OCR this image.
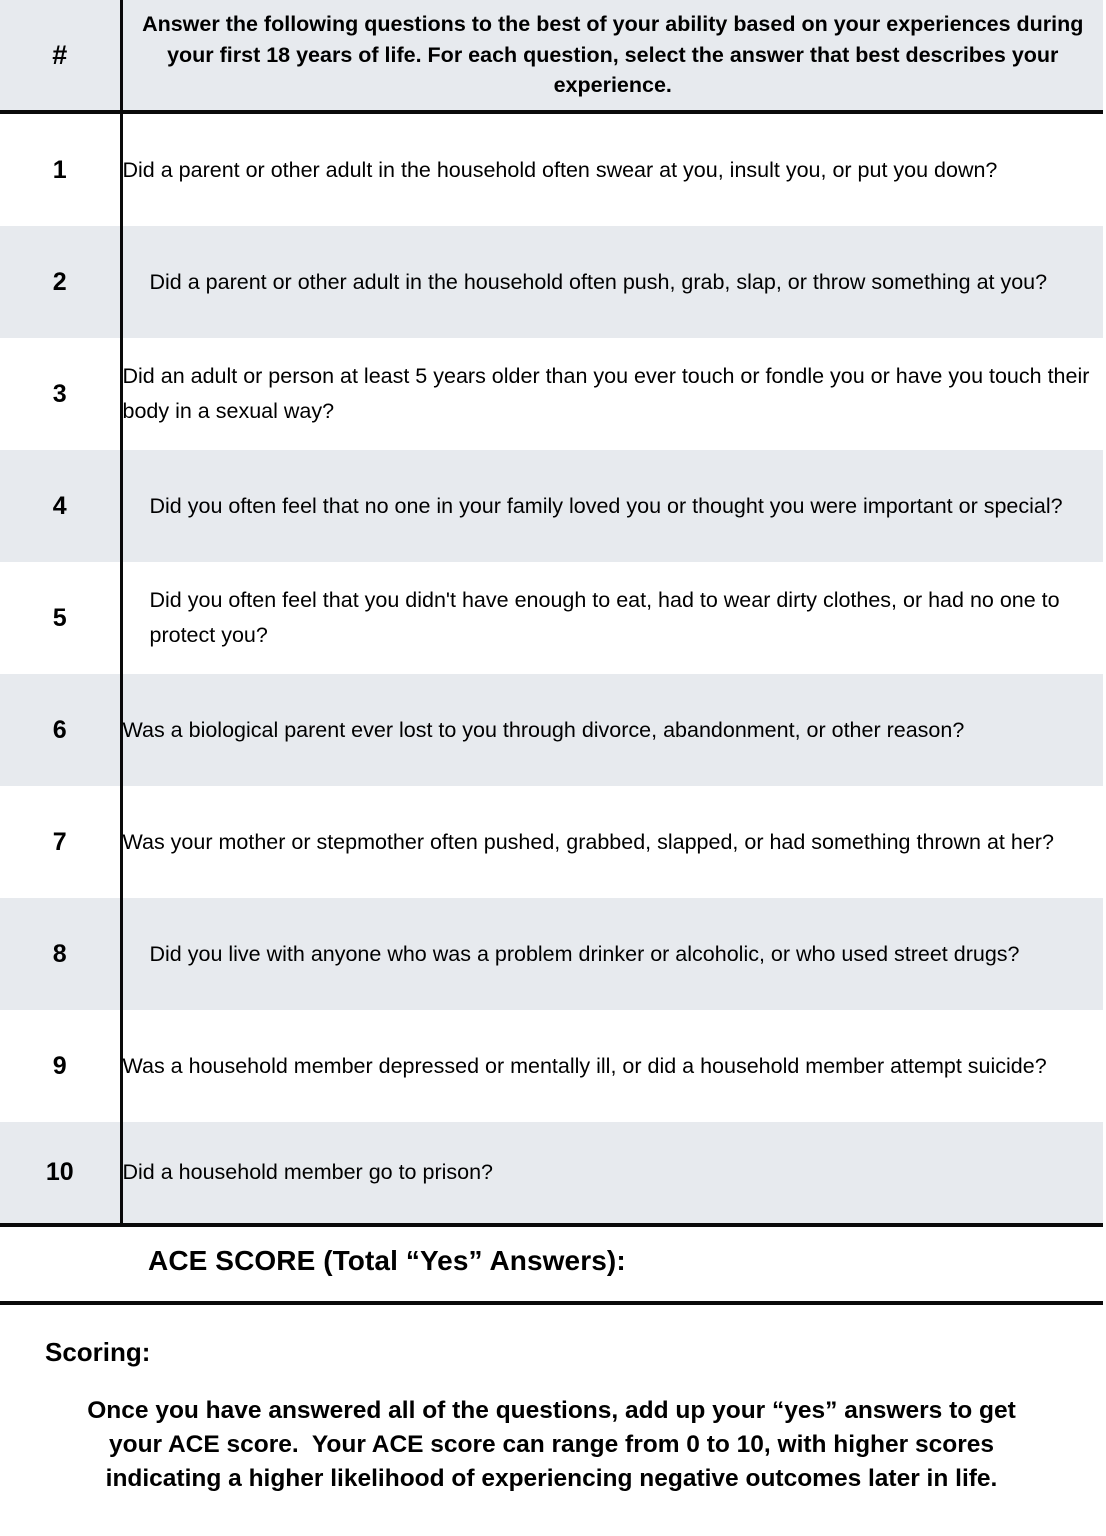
#	Answer the following questions to the best of your ability based on your experiences during your first 18 years of life. For each question, select the answer that best describes your experience.
1	Did a parent or other adult in the household often swear at you, insult you, or put you down?
2	Did a parent or other adult in the household often push, grab, slap, or throw something at you?
3	Did an adult or person at least 5 years older than you ever touch or fondle you or have you touch their body in a sexual way?
4	Did you often feel that no one in your family loved you or thought you were important or special?
5	Did you often feel that you didn't have enough to eat, had to wear dirty clothes, or had no one to protect you?
6	Was a biological parent ever lost to you through divorce, abandonment, or other reason?
7	Was your mother or stepmother often pushed, grabbed, slapped, or had something thrown at her?
8	Did you live with anyone who was a problem drinker or alcoholic, or who used street drugs?
9	Was a household member depressed or mentally ill, or did a household member attempt suicide?
10	Did a household member go to prison?
ACE SCORE (Total “Yes” Answers):
Scoring:
Once you have answered all of the questions, add up your “yes” answers to get
your ACE score.  Your ACE score can range from 0 to 10, with higher scores
indicating a higher likelihood of experiencing negative outcomes later in life.
